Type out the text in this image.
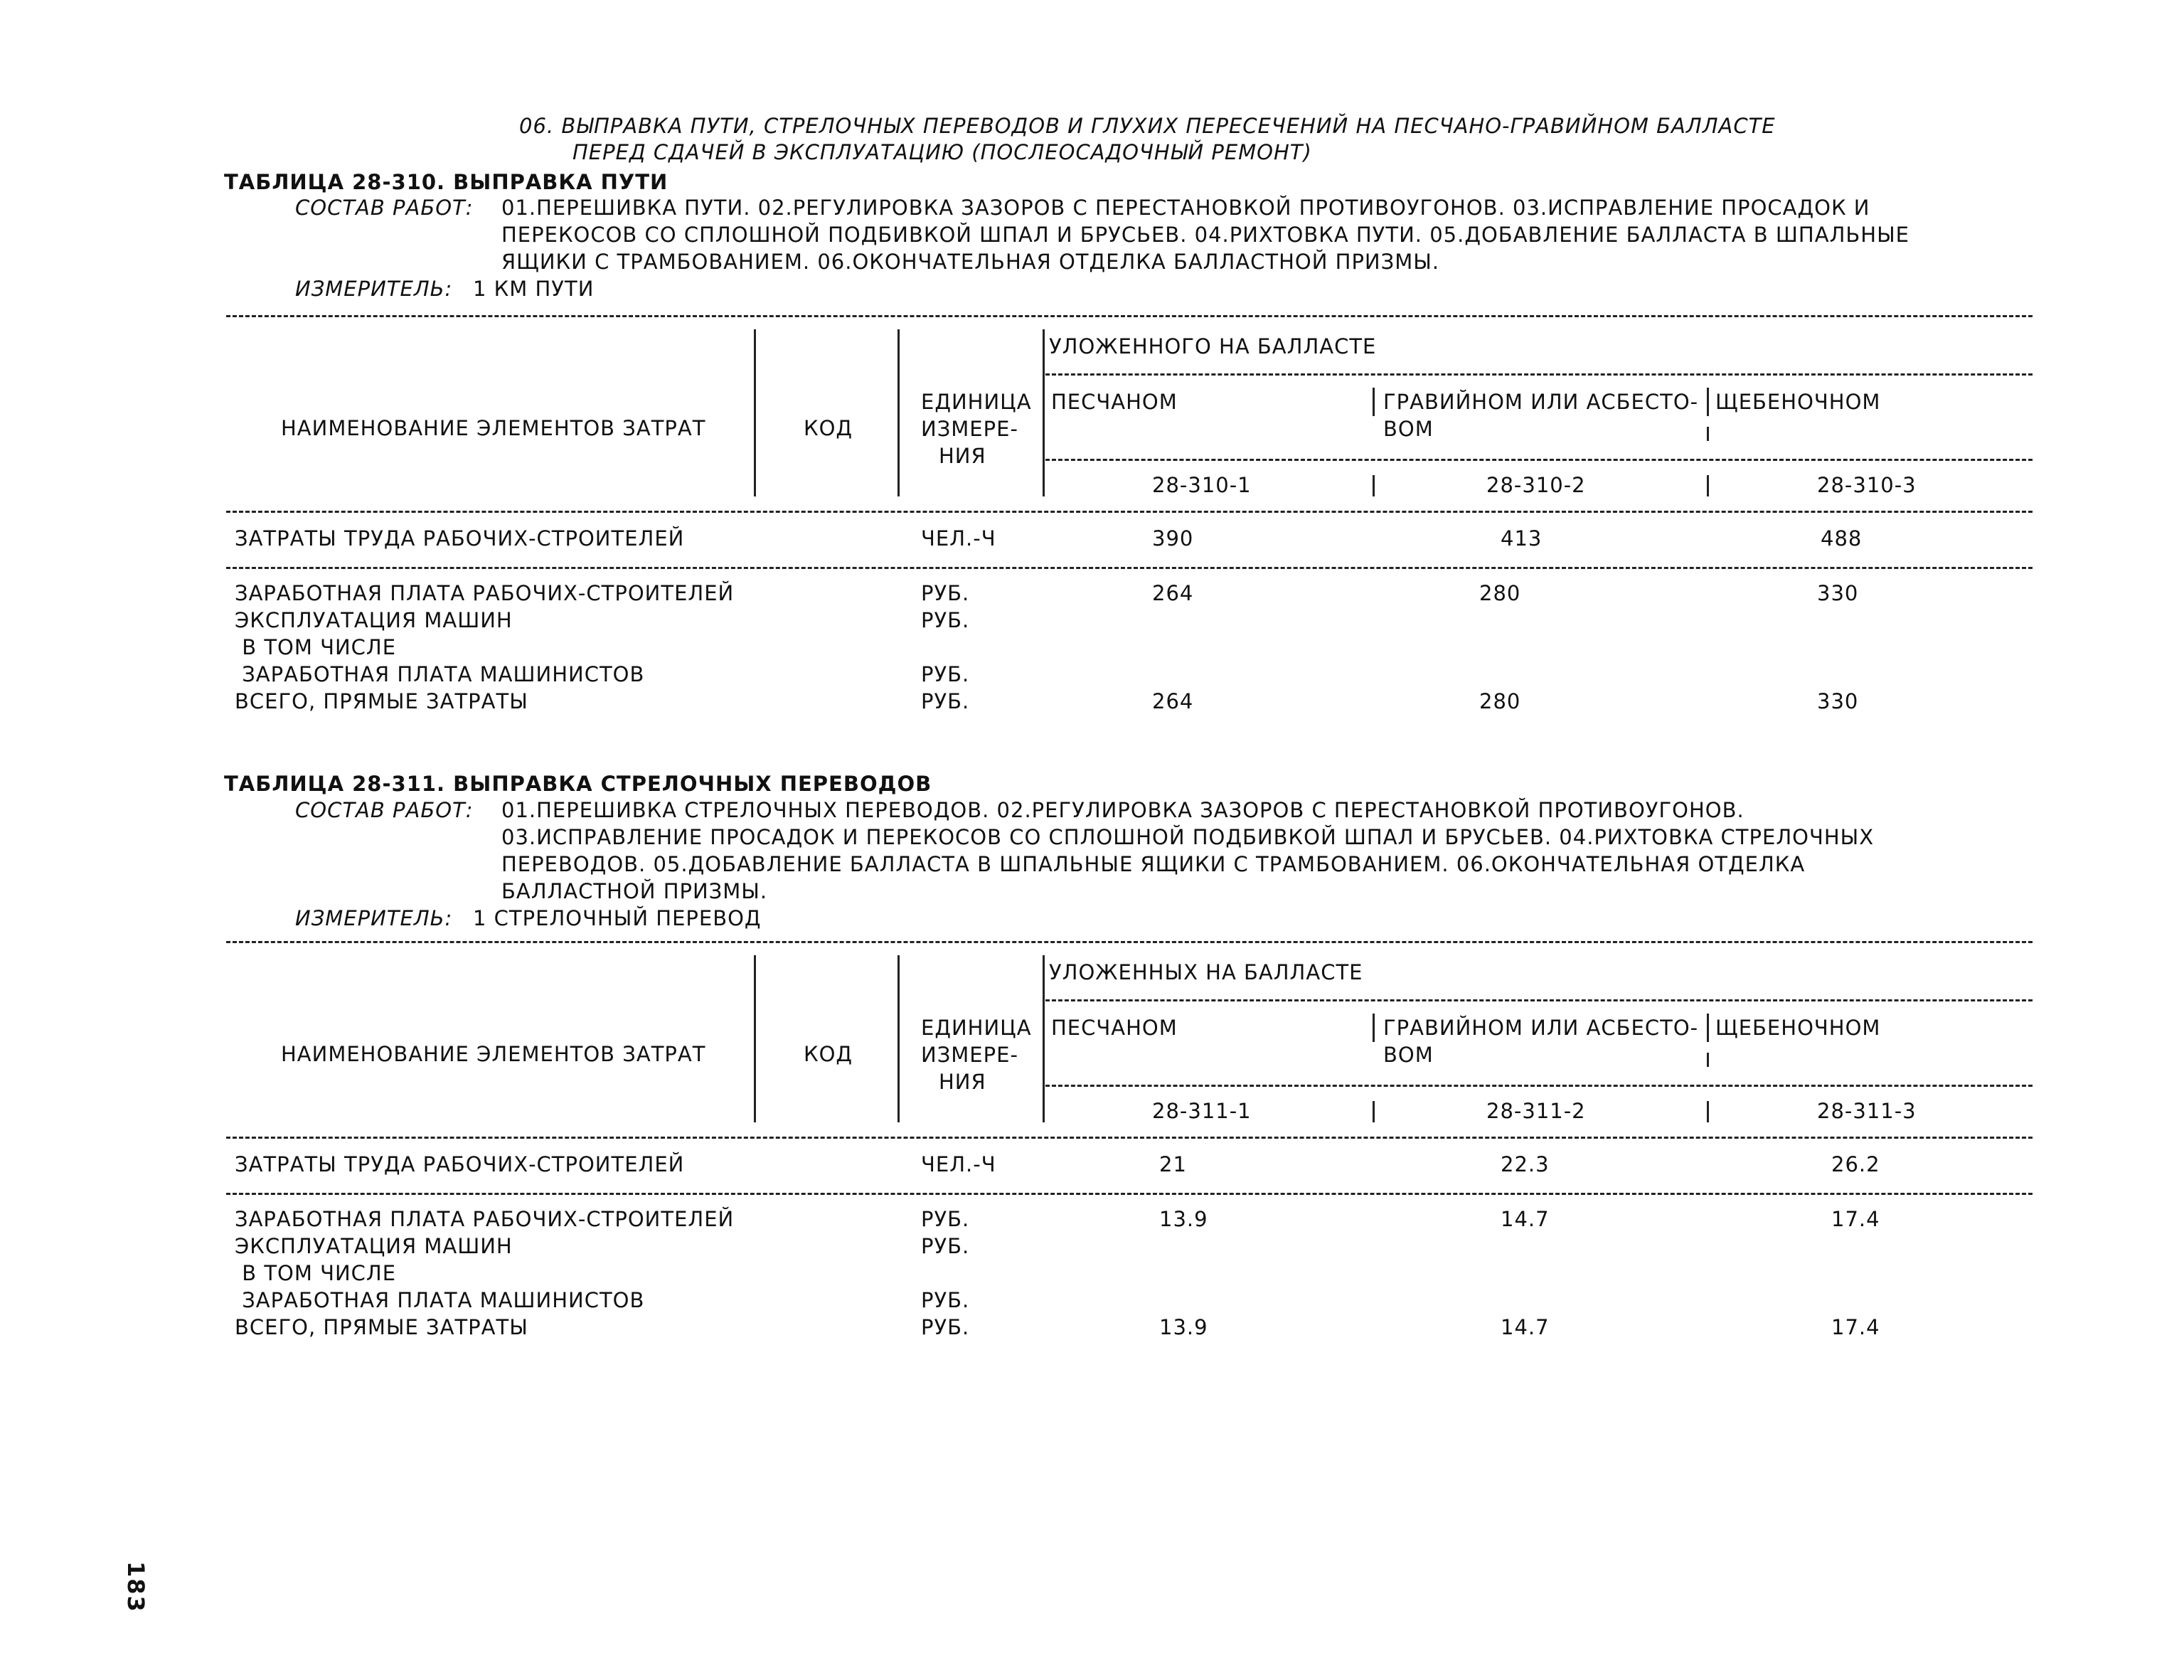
06. ВЫПРАВКА ПУТИ, СТРЕЛОЧНЫХ ПЕРЕВОДОВ И ГЛУХИХ ПЕРЕСЕЧЕНИЙ НА ПЕСЧАНО-ГРАВИЙНОМ БАЛЛАСТЕ
ПЕРЕД СДАЧЕЙ В ЭКСПЛУАТАЦИЮ (ПОСЛЕОСАДОЧНЫЙ РЕМОНТ)
ТАБЛИЦА 28-310. ВЫПРАВКА ПУТИ
СОСТАВ РАБОТ: 01.ПЕРЕШИВКА ПУТИ. 02.РЕГУЛИРОВКА ЗАЗОРОВ С ПЕРЕСТАНОВКОЙ ПРОТИВОУГОНОВ. 03.ИСПРАВЛЕНИЕ ПРОСАДОК И
ПЕРЕКОСОВ СО СПЛОШНОЙ ПОДБИВКОЙ ШПАЛ И БРУСЬЕВ. 04.РИХТОВКА ПУТИ. 05.ДОБАВЛЕНИЕ БАЛЛАСТА В ШПАЛЬНЫЕ
ЯЩИКИ С ТРАМБОВАНИЕМ. 06.ОКОНЧАТЕЛЬНАЯ ОТДЕЛКА БАЛЛАСТНОЙ ПРИЗМЫ.
ИЗМЕРИТЕЛЬ: 1 КМ ПУТИ
УЛОЖЕННОГО НА БАЛЛАСТЕ
НАИМЕНОВАНИЕ ЭЛЕМЕНТОВ ЗАТРАТ	КОД
ЕДИНИЦА
ИЗМЕРЕ-
НИЯ
ПЕСЧАНОМ	ГРАВИЙНОМ ИЛИ АСБЕСТО-
ВОМ
ЩЕБЕНОЧНОМ
28-310-1	28-310-2	28-310-3
ЗАТРАТЫ ТРУДА РАБОЧИХ-СТРОИТЕЛЕЙ	ЧЕЛ.-Ч	390	413	488
ЗАРАБОТНАЯ ПЛАТА РАБОЧИХ-СТРОИТЕЛЕЙ	РУБ.	264	280	330
ЭКСПЛУАТАЦИЯ МАШИН	РУБ.
В ТОМ ЧИСЛЕ
ЗАРАБОТНАЯ ПЛАТА МАШИНИСТОВ	РУБ.
ВСЕГО, ПРЯМЫЕ ЗАТРАТЫ	РУБ.	264	280	330
ТАБЛИЦА 28-311. ВЫПРАВКА СТРЕЛОЧНЫХ ПЕРЕВОДОВ
СОСТАВ РАБОТ: 01.ПЕРЕШИВКА СТРЕЛОЧНЫХ ПЕРЕВОДОВ. 02.РЕГУЛИРОВКА ЗАЗОРОВ С ПЕРЕСТАНОВКОЙ ПРОТИВОУГОНОВ.
03.ИСПРАВЛЕНИЕ ПРОСАДОК И ПЕРЕКОСОВ СО СПЛОШНОЙ ПОДБИВКОЙ ШПАЛ И БРУСЬЕВ. 04.РИХТОВКА СТРЕЛОЧНЫХ
ПЕРЕВОДОВ. 05.ДОБАВЛЕНИЕ БАЛЛАСТА В ШПАЛЬНЫЕ ЯЩИКИ С ТРАМБОВАНИЕМ. 06.ОКОНЧАТЕЛЬНАЯ ОТДЕЛКА
БАЛЛАСТНОЙ ПРИЗМЫ.
ИЗМЕРИТЕЛЬ: 1 СТРЕЛОЧНЫЙ ПЕРЕВОД
УЛОЖЕННЫХ НА БАЛЛАСТЕ
НАИМЕНОВАНИЕ ЭЛЕМЕНТОВ ЗАТРАТ	КОД
ЕДИНИЦА
ИЗМЕРЕ-
НИЯ
ПЕСЧАНОМ	ГРАВИЙНОМ ИЛИ АСБЕСТО-
ВОМ
ЩЕБЕНОЧНОМ
28-311-1	28-311-2	28-311-3
ЗАТРАТЫ ТРУДА РАБОЧИХ-СТРОИТЕЛЕЙ	ЧЕЛ.-Ч	21	22.3	26.2
ЗАРАБОТНАЯ ПЛАТА РАБОЧИХ-СТРОИТЕЛЕЙ	РУБ.	13.9	14.7	17.4
ЭКСПЛУАТАЦИЯ МАШИН	РУБ.
В ТОМ ЧИСЛЕ
ЗАРАБОТНАЯ ПЛАТА МАШИНИСТОВ	РУБ.
ВСЕГО, ПРЯМЫЕ ЗАТРАТЫ	РУБ.	13.9	14.7	17.4
183
